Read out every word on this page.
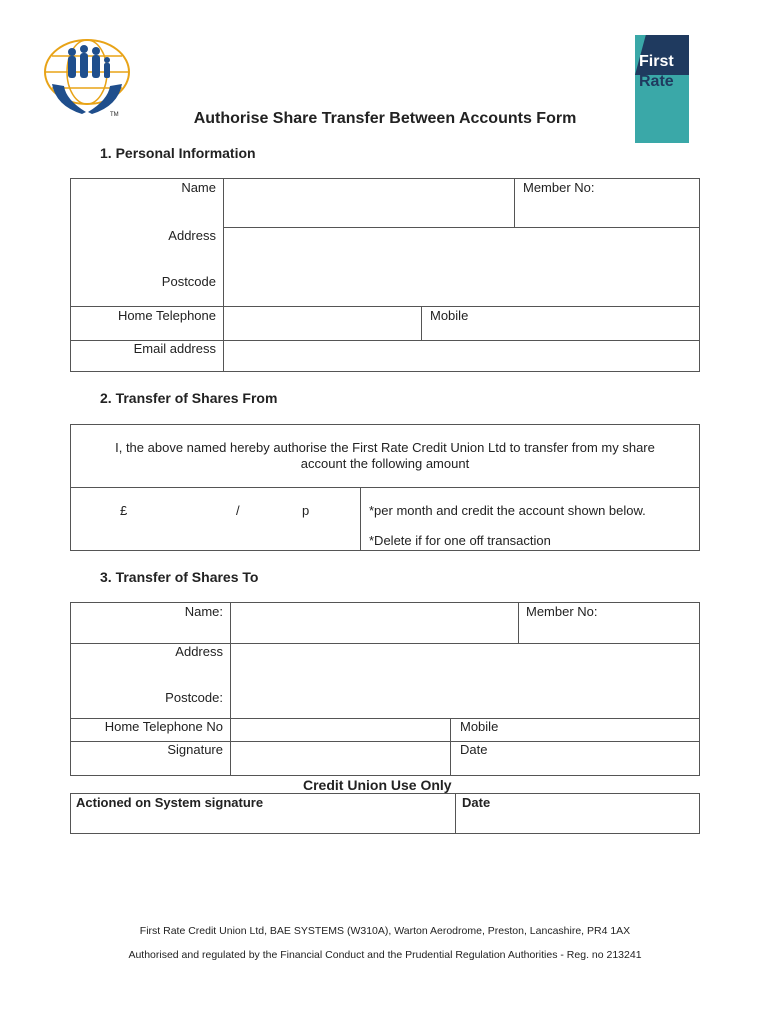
TM
First
Rate
Authorise Share Transfer Between Accounts Form
1. Personal Information
Name	Member No:
Address
Postcode
Home Telephone	Mobile
Email address
2. Transfer of Shares From
I, the above named hereby authorise the First Rate Credit Union Ltd to transfer from my share
account the following amount
£	/	p	*per month and credit the account shown below.
*Delete if for one off transaction
3. Transfer of Shares To
Name:	Member No:
Address
Postcode:
Home Telephone No	Mobile
Signature	Date
Credit Union Use Only
Actioned on System signature	Date
First Rate Credit Union Ltd, BAE SYSTEMS (W310A), Warton Aerodrome, Preston, Lancashire, PR4 1AX
Authorised and regulated by the Financial Conduct and the Prudential Regulation Authorities - Reg. no 213241
